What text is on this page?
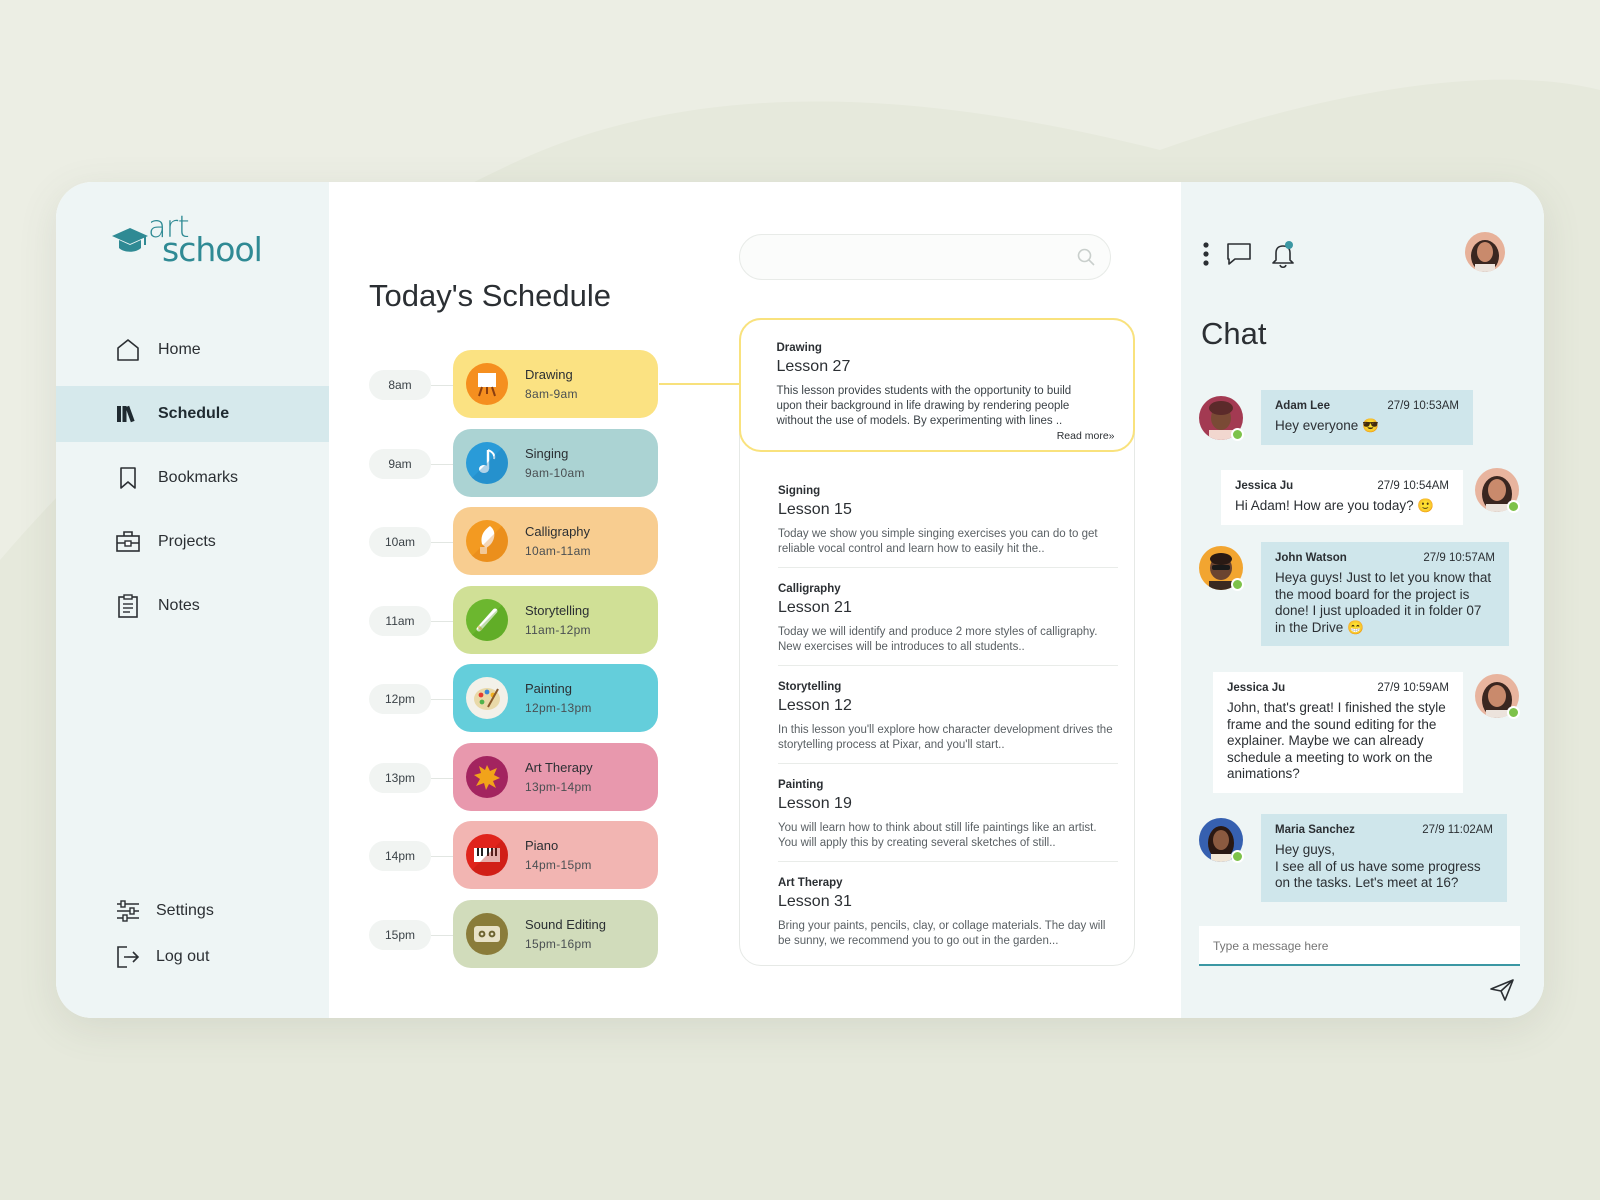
art
school
Home
Schedule
Bookmarks
Projects
Notes
Settings
Log out
Today's Schedule
8am
Drawing
8am-9am
9am
Singing
9am-10am
10am
Calligraphy
10am-11am
11am
Storytelling
11am-12pm
12pm
Painting
12pm-13pm
13pm
Art Therapy
13pm-14pm
14pm
Piano
14pm-15pm
15pm
Sound Editing
15pm-16pm
Drawing
Lesson 27
This lesson provides students with the opportunity to build upon their background in life drawing by rendering people without the use of models. By experimenting with lines ..
Read more»
Signing
Lesson 15
Today we show you simple singing exercises you can do to get reliable vocal control and learn how to easily hit the..
Calligraphy
Lesson 21
Today we will identify and produce 2 more styles of calligraphy. New exercises will be introduces to all students..
Storytelling
Lesson 12
In this lesson you'll explore how character development drives the storytelling process at Pixar, and you'll start..
Painting
Lesson 19
You will learn how to think about still life paintings like an artist. You will apply this by creating several sketches of still..
Art Therapy
Lesson 31
Bring your paints, pencils, clay, or collage materials. The day will be sunny, we recommend you to go out in the garden...
Chat
Adam Lee	27/9 10:53AM
Hey everyone 😎
Jessica Ju	27/9 10:54AM
Hi Adam! How are you today? 🙂
John Watson	27/9 10:57AM
Heya guys! Just to let you know that the mood board for the project is done! I just uploaded it in folder 07 in the Drive 😁
Jessica Ju	27/9 10:59AM
John, that's great! I finished the style frame and the sound editing for the explainer. Maybe we can already schedule a meeting to work on the animations?
Maria Sanchez	27/9 11:02AM
Hey guys,
I see all of us have some progress on the tasks. Let's meet at 16?
Type a message here
